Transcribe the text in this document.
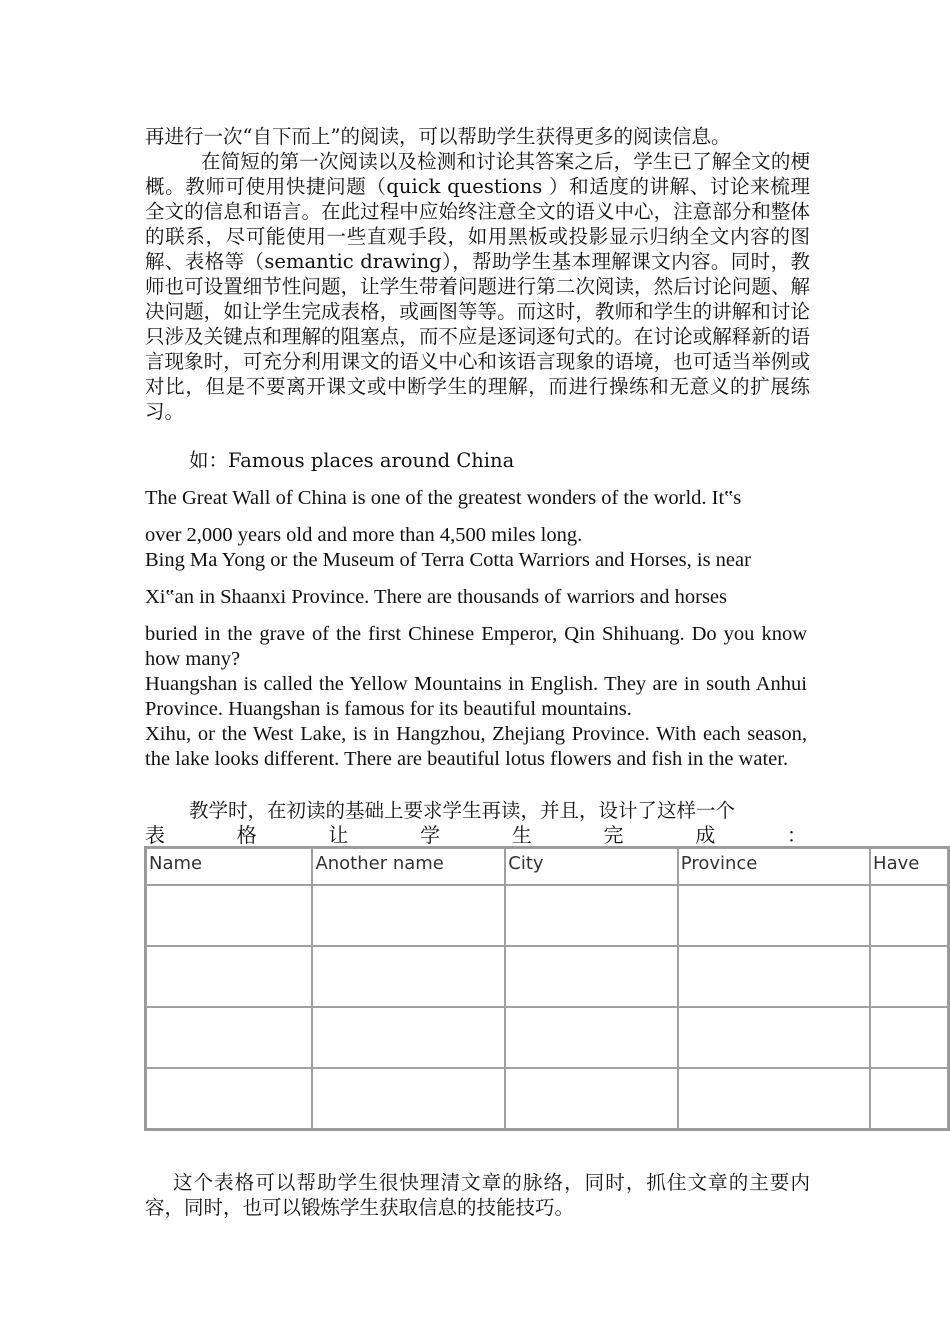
再进行一次“自下而上”的阅读，可以帮助学生获得更多的阅读信息。

在简短的第一次阅读以及检测和讨论其答案之后，学生已了解全文的梗概。教师可使用快捷问题（quick questions ）和适度的讲解、讨论来梳理全文的信息和语言。在此过程中应始终注意全文的语义中心，注意部分和整体的联系，尽可能使用一些直观手段，如用黑板或投影显示归纳全文内容的图解、表格等（semantic drawing），帮助学生基本理解课文内容。同时，教师也可设置细节性问题，让学生带着问题进行第二次阅读，然后讨论问题、解决问题，如让学生完成表格，或画图等等。而这时，教师和学生的讲解和讨论只涉及关键点和理解的阻塞点，而不应是逐词逐句式的。在讨论或解释新的语言现象时，可充分利用课文的语义中心和该语言现象的语境，也可适当举例或对比，但是不要离开课文或中断学生的理解，而进行操练和无意义的扩展练习。

如：Famous places around China

The Great Wall of China is one of the greatest wonders of the world. It‟s

over 2,000 years old and more than 4,500 miles long.

Bing Ma Yong or the Museum of Terra Cotta Warriors and Horses, is near

Xi‟an in Shaanxi Province. There are thousands of warriors and horses

buried in the grave of the first Chinese Emperor, Qin Shihuang. Do you know how many?

Huangshan is called the Yellow Mountains in English. They are in south Anhui Province. Huangshan is famous for its beautiful mountains.

Xihu, or the West Lake, is in Hangzhou, Zhejiang Province. With each season, the lake looks different. There are beautiful lotus flowers and fish in the water.

教学时，在初读的基础上要求学生再读，并且，设计了这样一个

表	格	让	学	生	完	成	：
Name	Another name	City	Province	Have

这个表格可以帮助学生很快理清文章的脉络，同时，抓住文章的主要内容，同时，也可以锻炼学生获取信息的技能技巧。
